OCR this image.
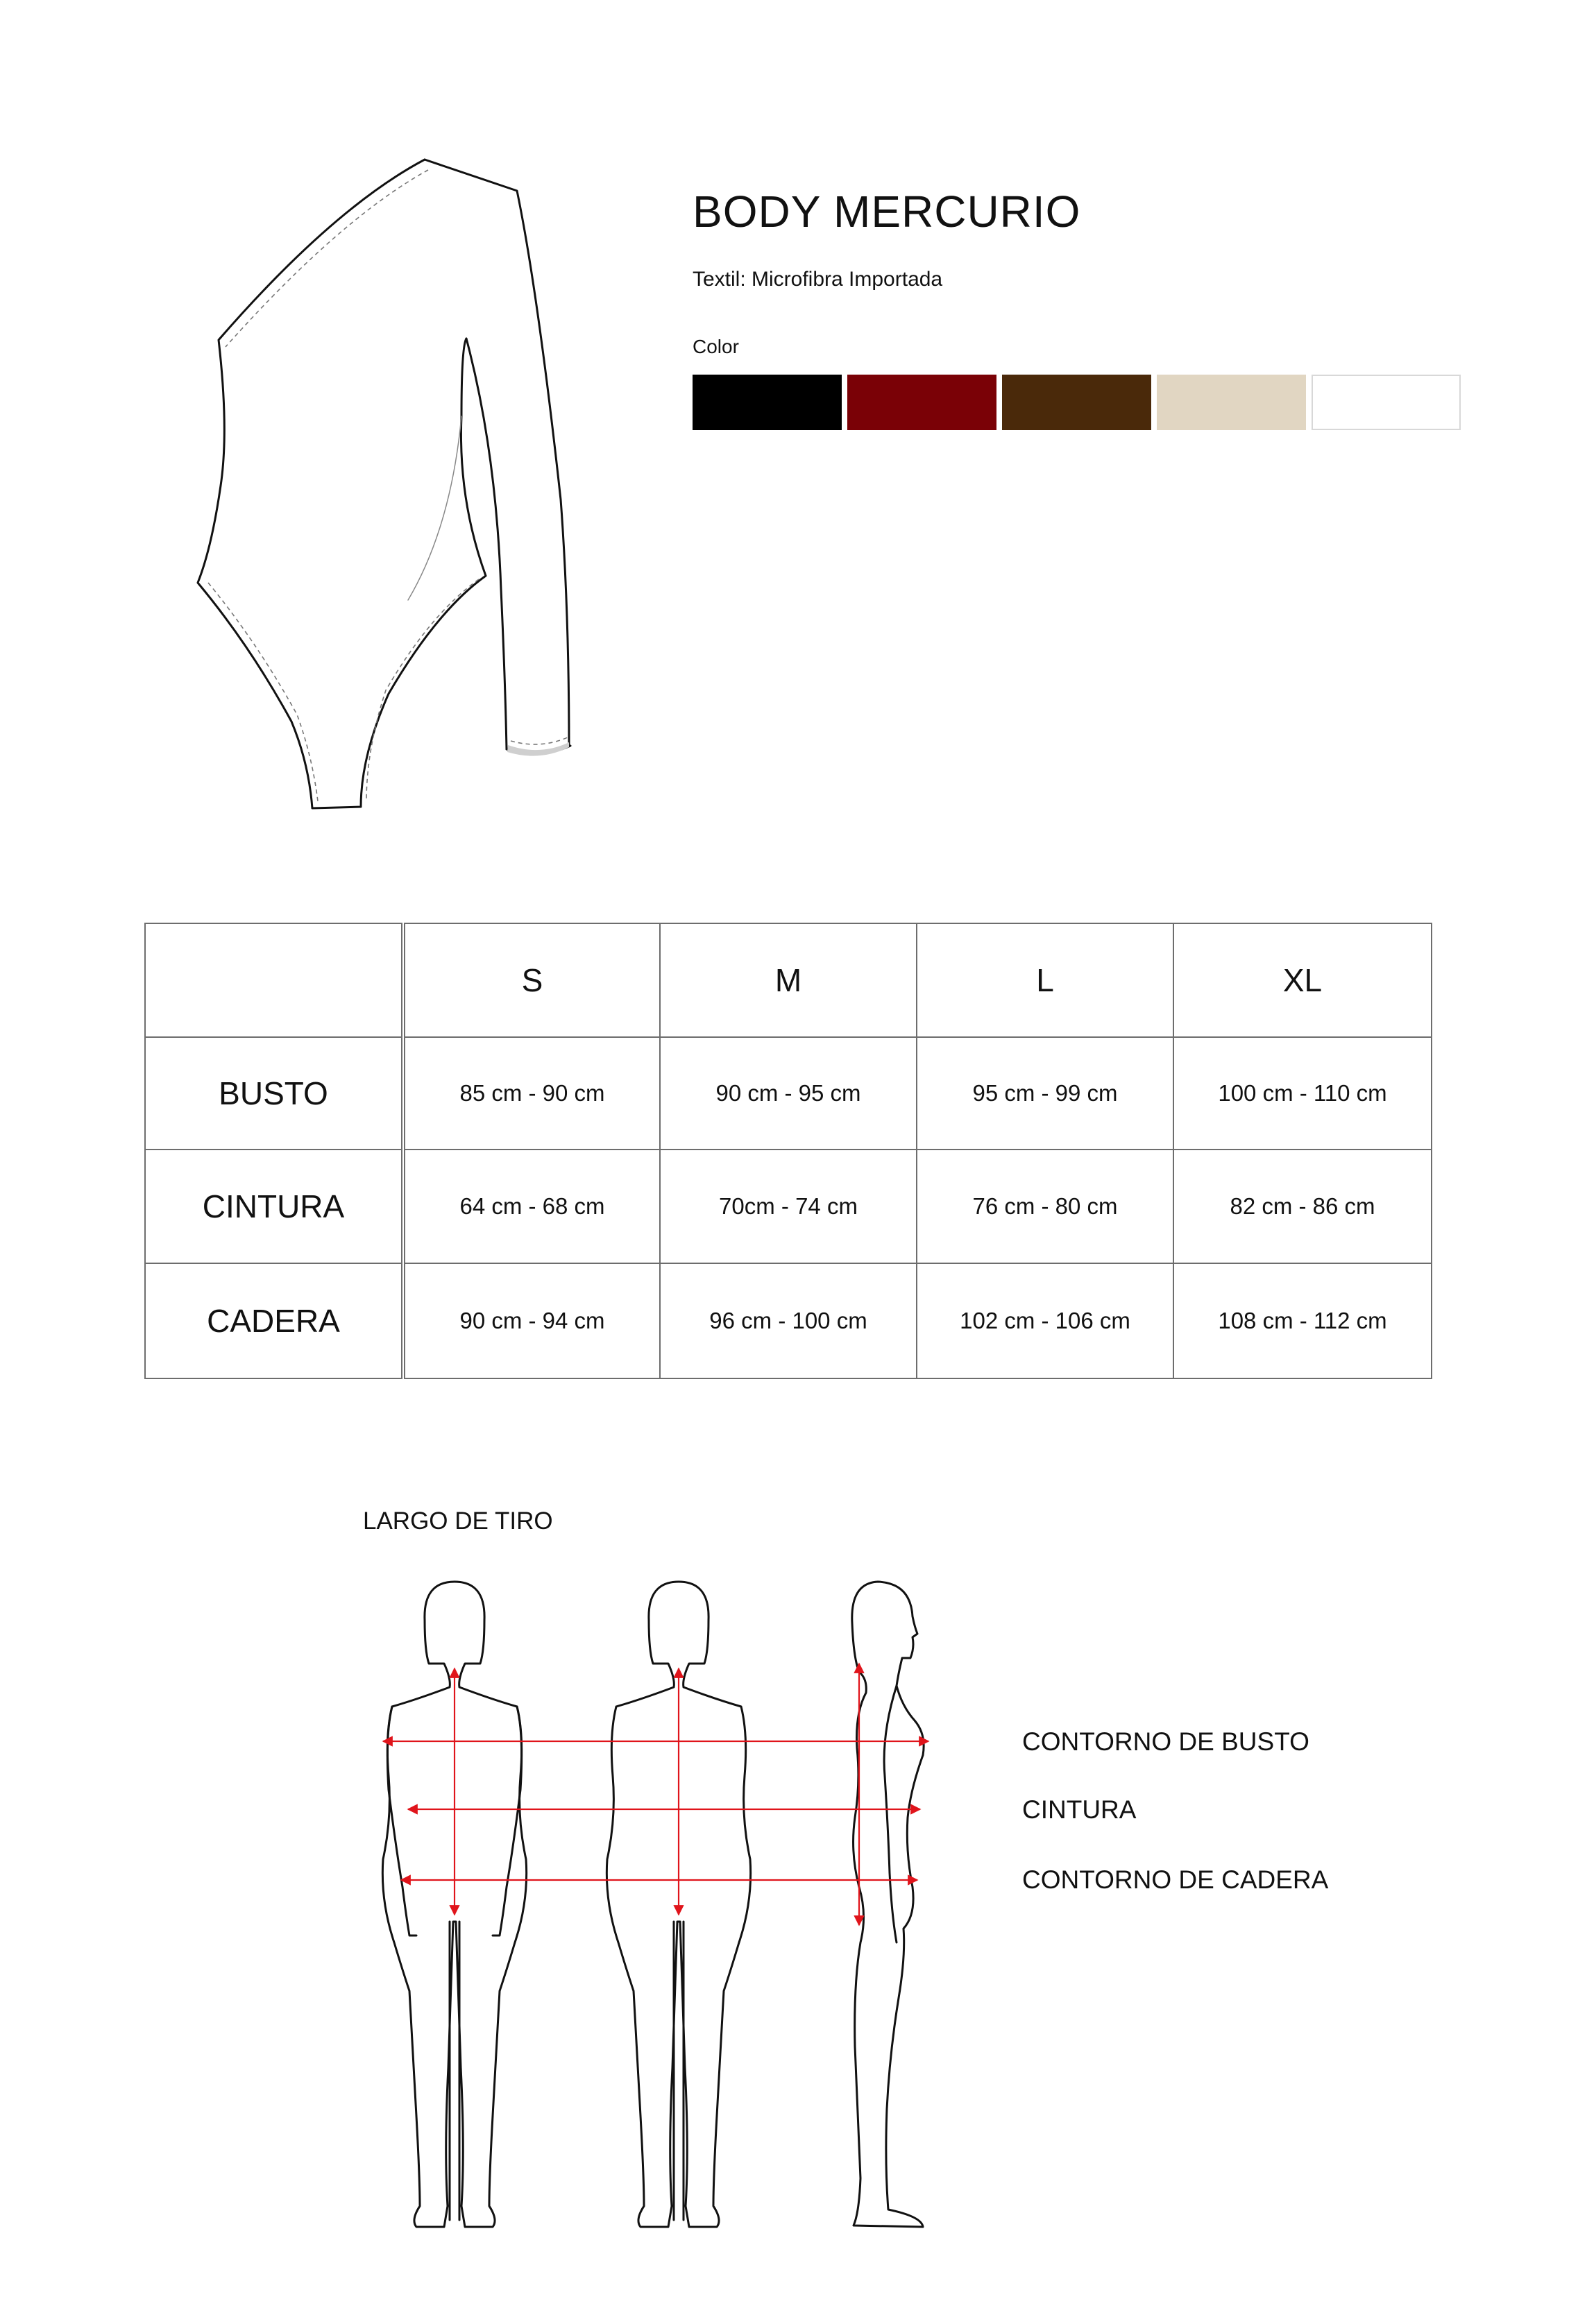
BODY MERCURIO
Textil: Microfibra Importada
Color
	S	M	L	XL
BUSTO	85 cm - 90 cm	90 cm - 95 cm	95 cm - 99 cm	100 cm - 110 cm
CINTURA	64 cm - 68 cm	70cm - 74 cm	76 cm - 80 cm	82 cm - 86 cm
CADERA	90 cm - 94 cm	96 cm - 100 cm	102 cm - 106 cm	108 cm - 112 cm
LARGO DE TIRO
CONTORNO DE BUSTO
CINTURA
CONTORNO DE CADERA
